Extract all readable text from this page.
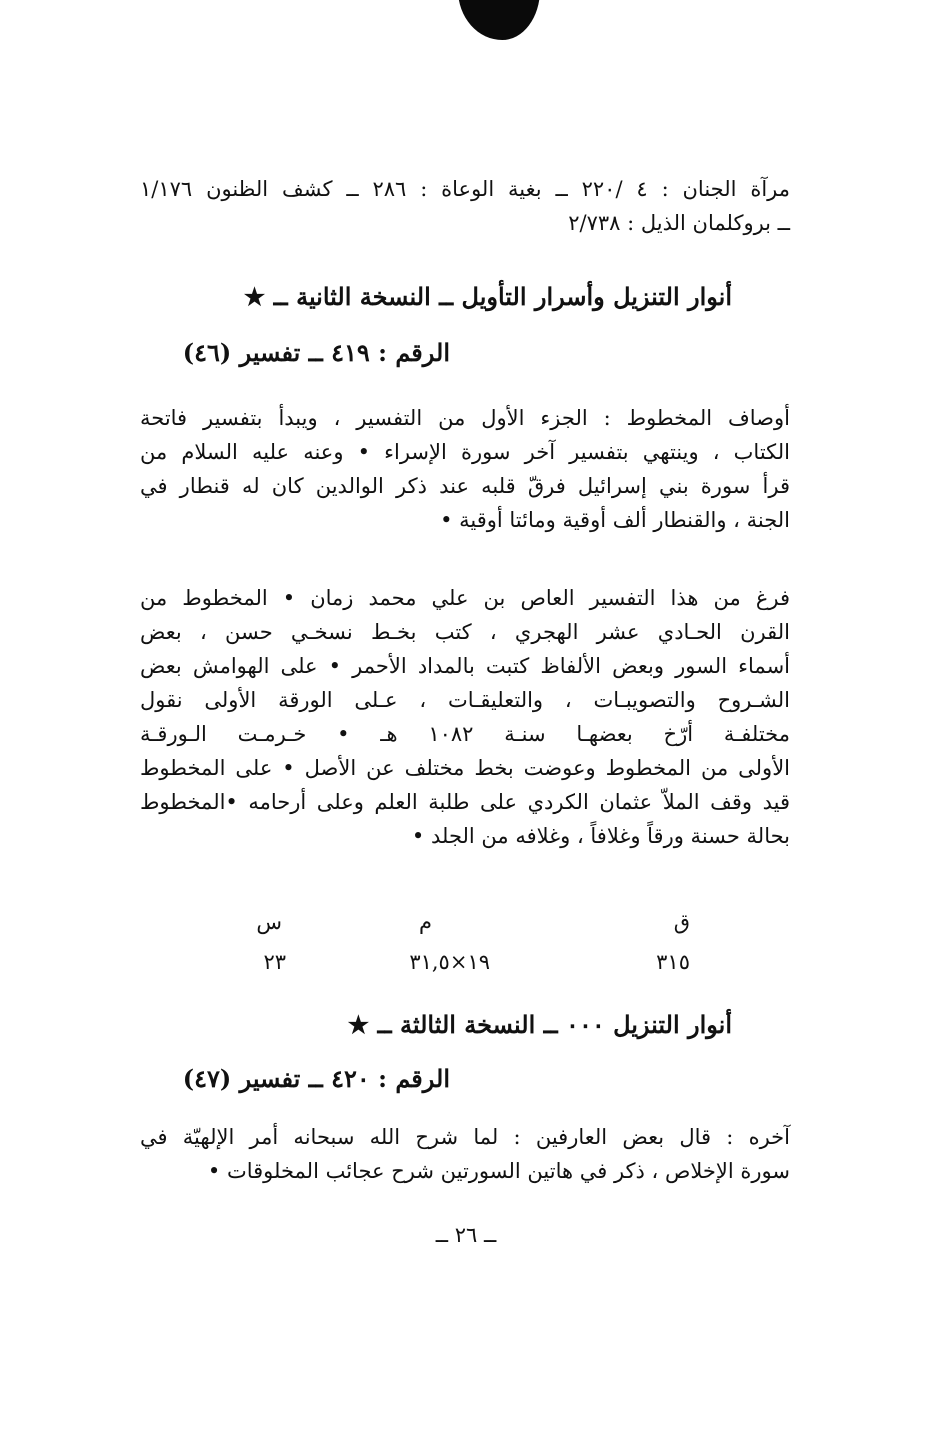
مرآة الجنان : ٤ /٢٢٠ ــ بغية الوعاة : ٢٨٦ ــ كشف الظنون ١/١٧٦
ــ بروكلمان الذيل : ٢/٧٣٨
أنوار التنزيل وأسرار التأويل ــ النسخة الثانية ــ ★
الرقم : ٤١٩ ــ تفسير (٤٦)
أوصاف المخطوط : الجزء الأول من التفسير ، ويبدأ بتفسير فاتحة
الكتاب ، وينتهي بتفسير آخر سورة الإسراء • وعنه عليه السلام من
قرأ سورة بني إسرائيل فرقّ قلبه عند ذكر الوالدين كان له قنطار في
الجنة ، والقنطار ألف أوقية ومائتا أوقية •
فرغ من هذا التفسير العاص بن علي محمد زمان • المخطوط من
القرن الحـادي عشر الهجري ، كتب بخـط نسخـي حسن ، بعض
أسماء السور وبعض الألفاظ كتبت بالمداد الأحمر • على الهوامش بعض
الشـروح والتصويبـات ، والتعليقـات ، عـلى الورقة الأولى نقول
مختلفـة أرّخ بعضهـا سنـة ١٠٨٢ هـ • خـرمـت الـورقـة
الأولى من المخطوط وعوضت بخط مختلف عن الأصل • على المخطوط
قيد وقف الملاّ عثمان الكردي على طلبة العلم وعلى أرحامه •المخطوط
بحالة حسنة ورقاً وغلافاً ، وغلافه من الجلد •
ق
م
س
٣١٥
١٩×٣١,٥
٢٣
أنوار التنزيل ٠٠٠ ــ النسخة الثالثة ــ ★
الرقم : ٤٢٠ ــ تفسير (٤٧)
آخره : قال بعض العارفين : لما شرح الله سبحانه أمر الإلهيّة في
سورة الإخلاص ، ذكر في هاتين السورتين شرح عجائب المخلوقات •
ــ ٢٦ ــ
